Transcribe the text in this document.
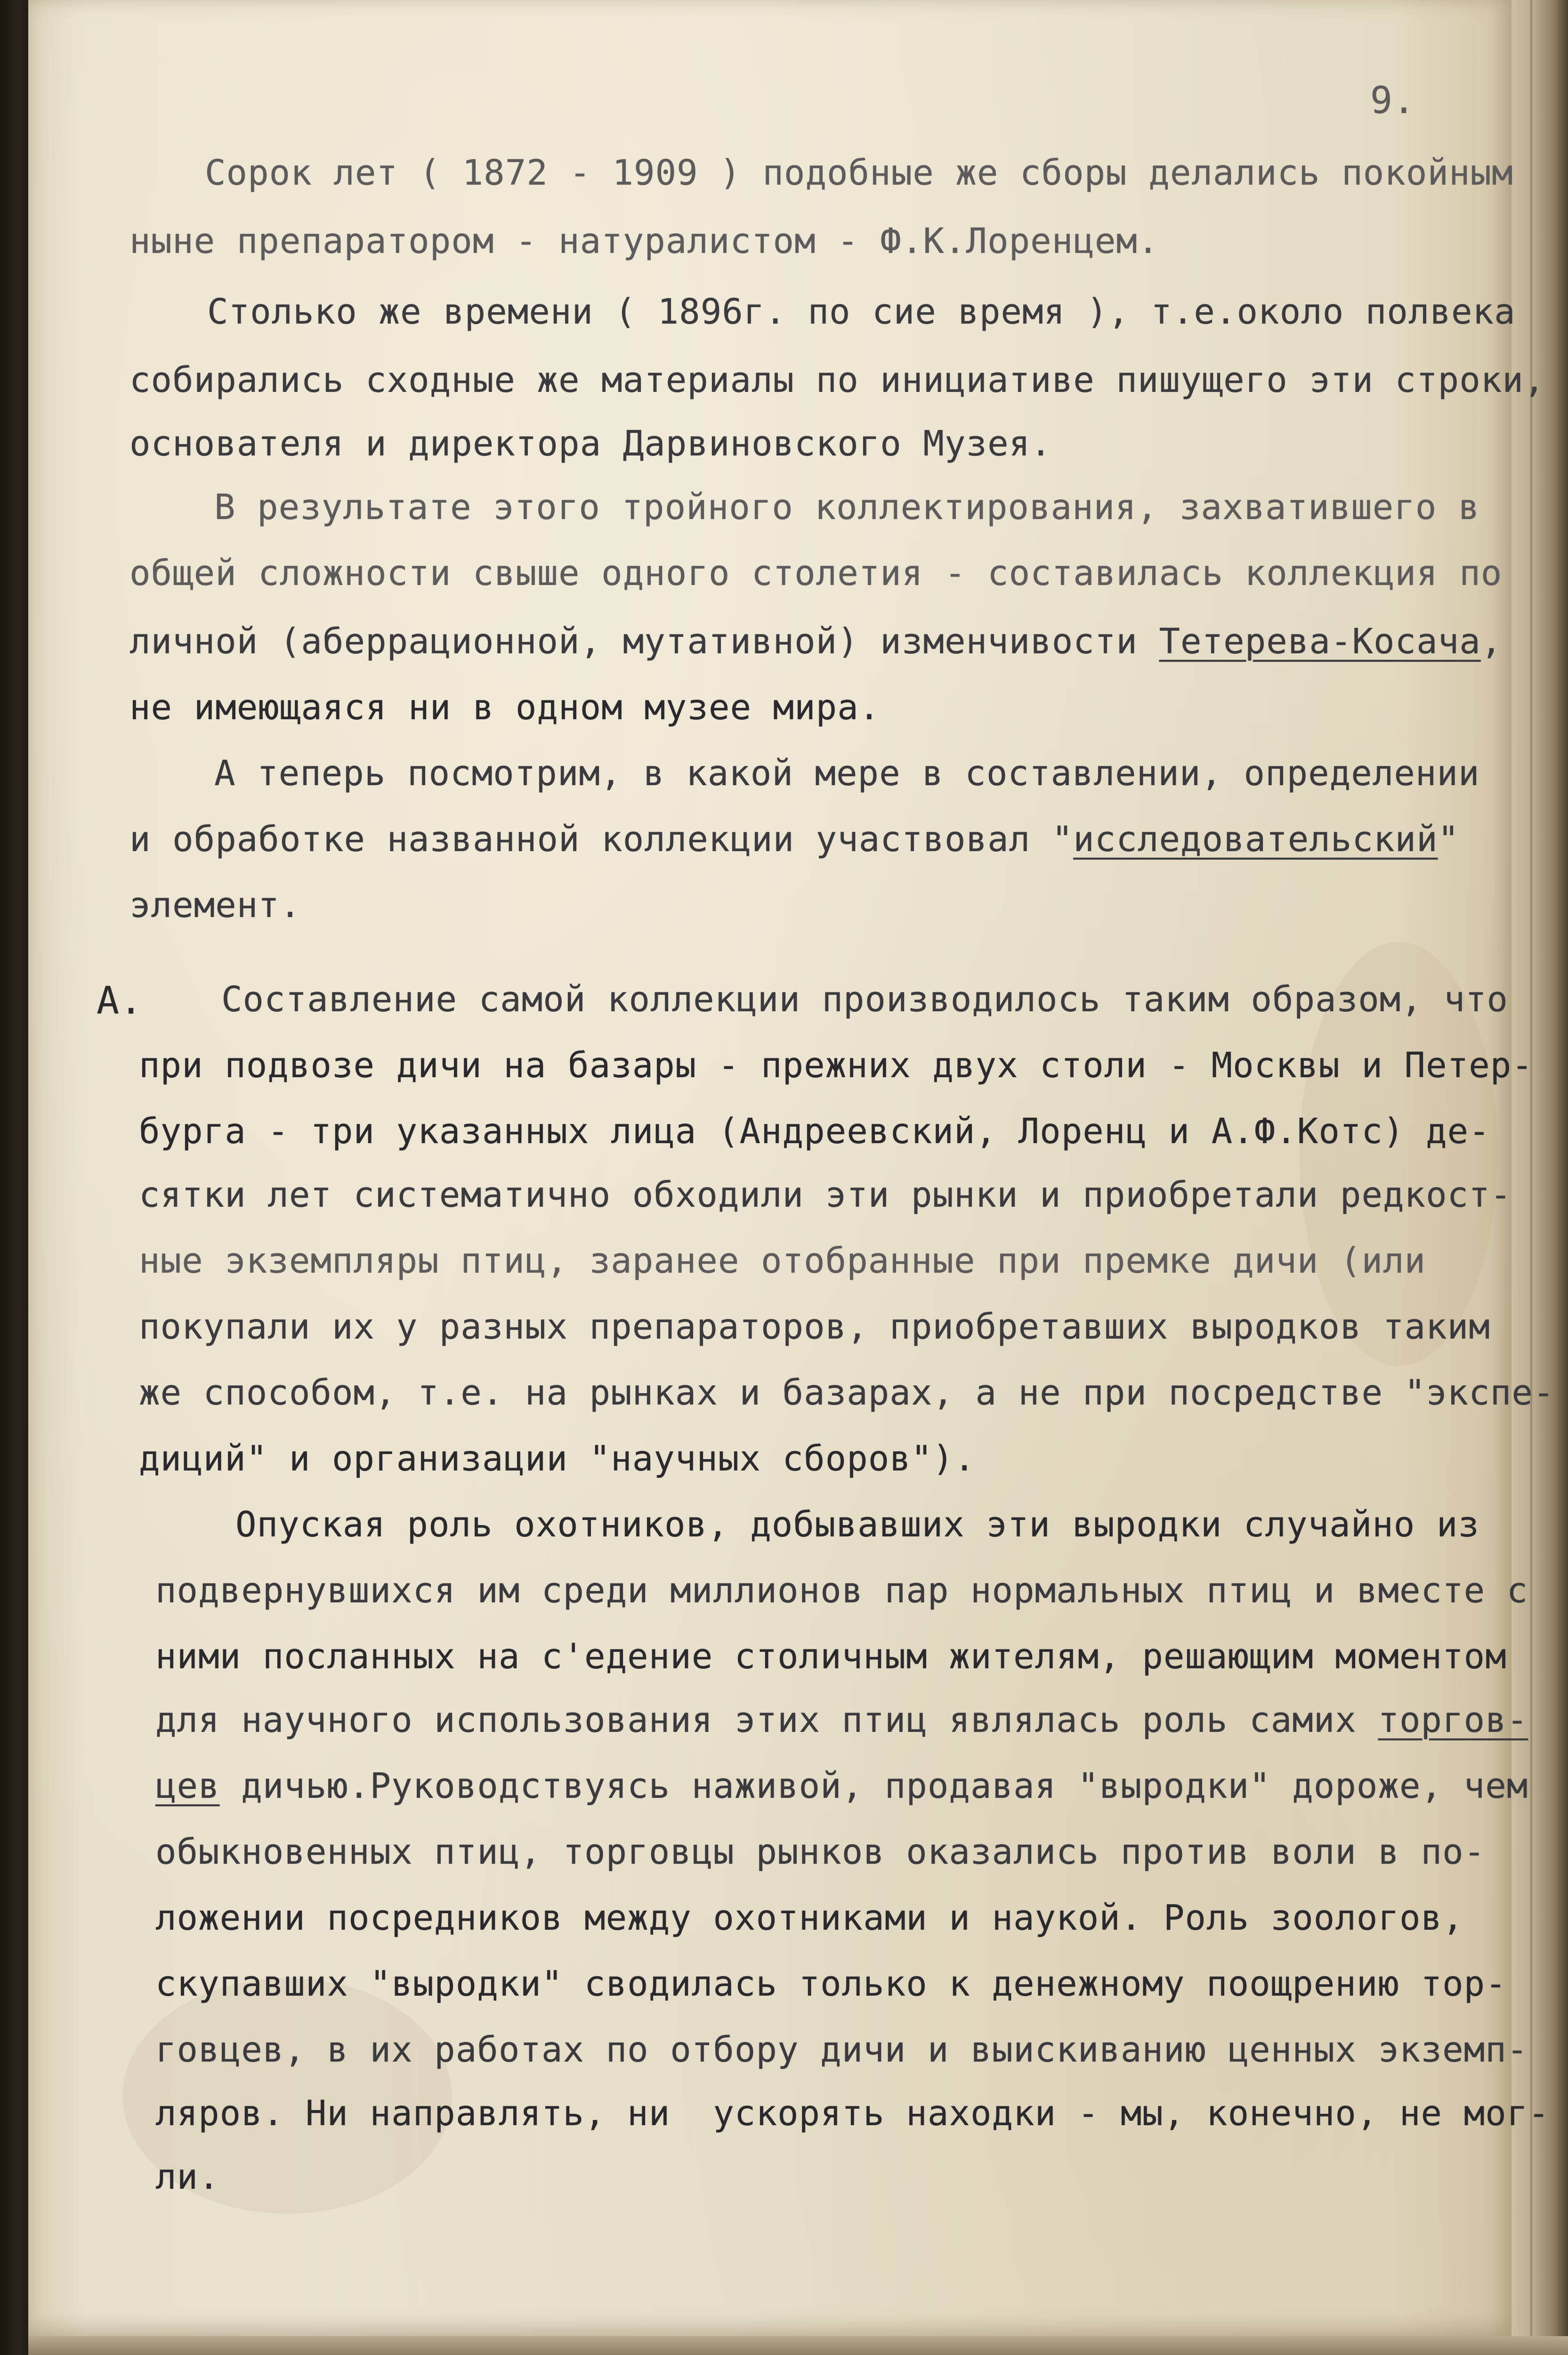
9.
Сорок лет ( 1872 - 1909 ) подобные же сборы делались покойным
ныне препаратором - натуралистом - Ф.К.Лоренцем.
Столько же времени ( 1896г. по сие время ), т.е.около полвека
собирались сходные же материалы по инициативе пишущего эти строки,
основателя и директора Дарвиновского Музея.
В результате этого тройного коллектирования, захватившего в
общей сложности свыше одного столетия - составилась коллекция по
личной (аберрационной, мутативной) изменчивости Тетерева-Косача,
не имеющаяся ни в одном музее мира.
А теперь посмотрим, в какой мере в составлении, определении
и обработке названной коллекции участвовал "исследовательский"
элемент.
А. Составление самой коллекции производилось таким образом, что
при подвозе дичи на базары - прежних двух столи - Москвы и Петер-
бурга - три указанных лица (Андреевский, Лоренц и А.Ф.Котс) де-
сятки лет систематично обходили эти рынки и приобретали редкост-
ные экземпляры птиц, заранее отобранные при премке дичи (или
покупали их у разных препараторов, приобретавших выродков таким
же способом, т.е. на рынках и базарах, а не при посредстве "экспе-
диций" и организации "научных сборов").
Опуская роль охотников, добывавших эти выродки случайно из
подвернувшихся им среди миллионов пар нормальных птиц и вместе с
ними посланных на с'едение столичным жителям, решающим моментом
для научного использования этих птиц являлась роль самих торгов-
цев дичью.Руководствуясь наживой, продавая "выродки" дороже, чем
обыкновенных птиц, торговцы рынков оказались против воли в по-
ложении посредников между охотниками и наукой. Роль зоологов,
скупавших "выродки" сводилась только к денежному поощрению тор-
говцев, в их работах по отбору дичи и выискиванию ценных экземп-
ляров. Ни направлять, ни  ускорять находки - мы, конечно, не мог-
ли.
